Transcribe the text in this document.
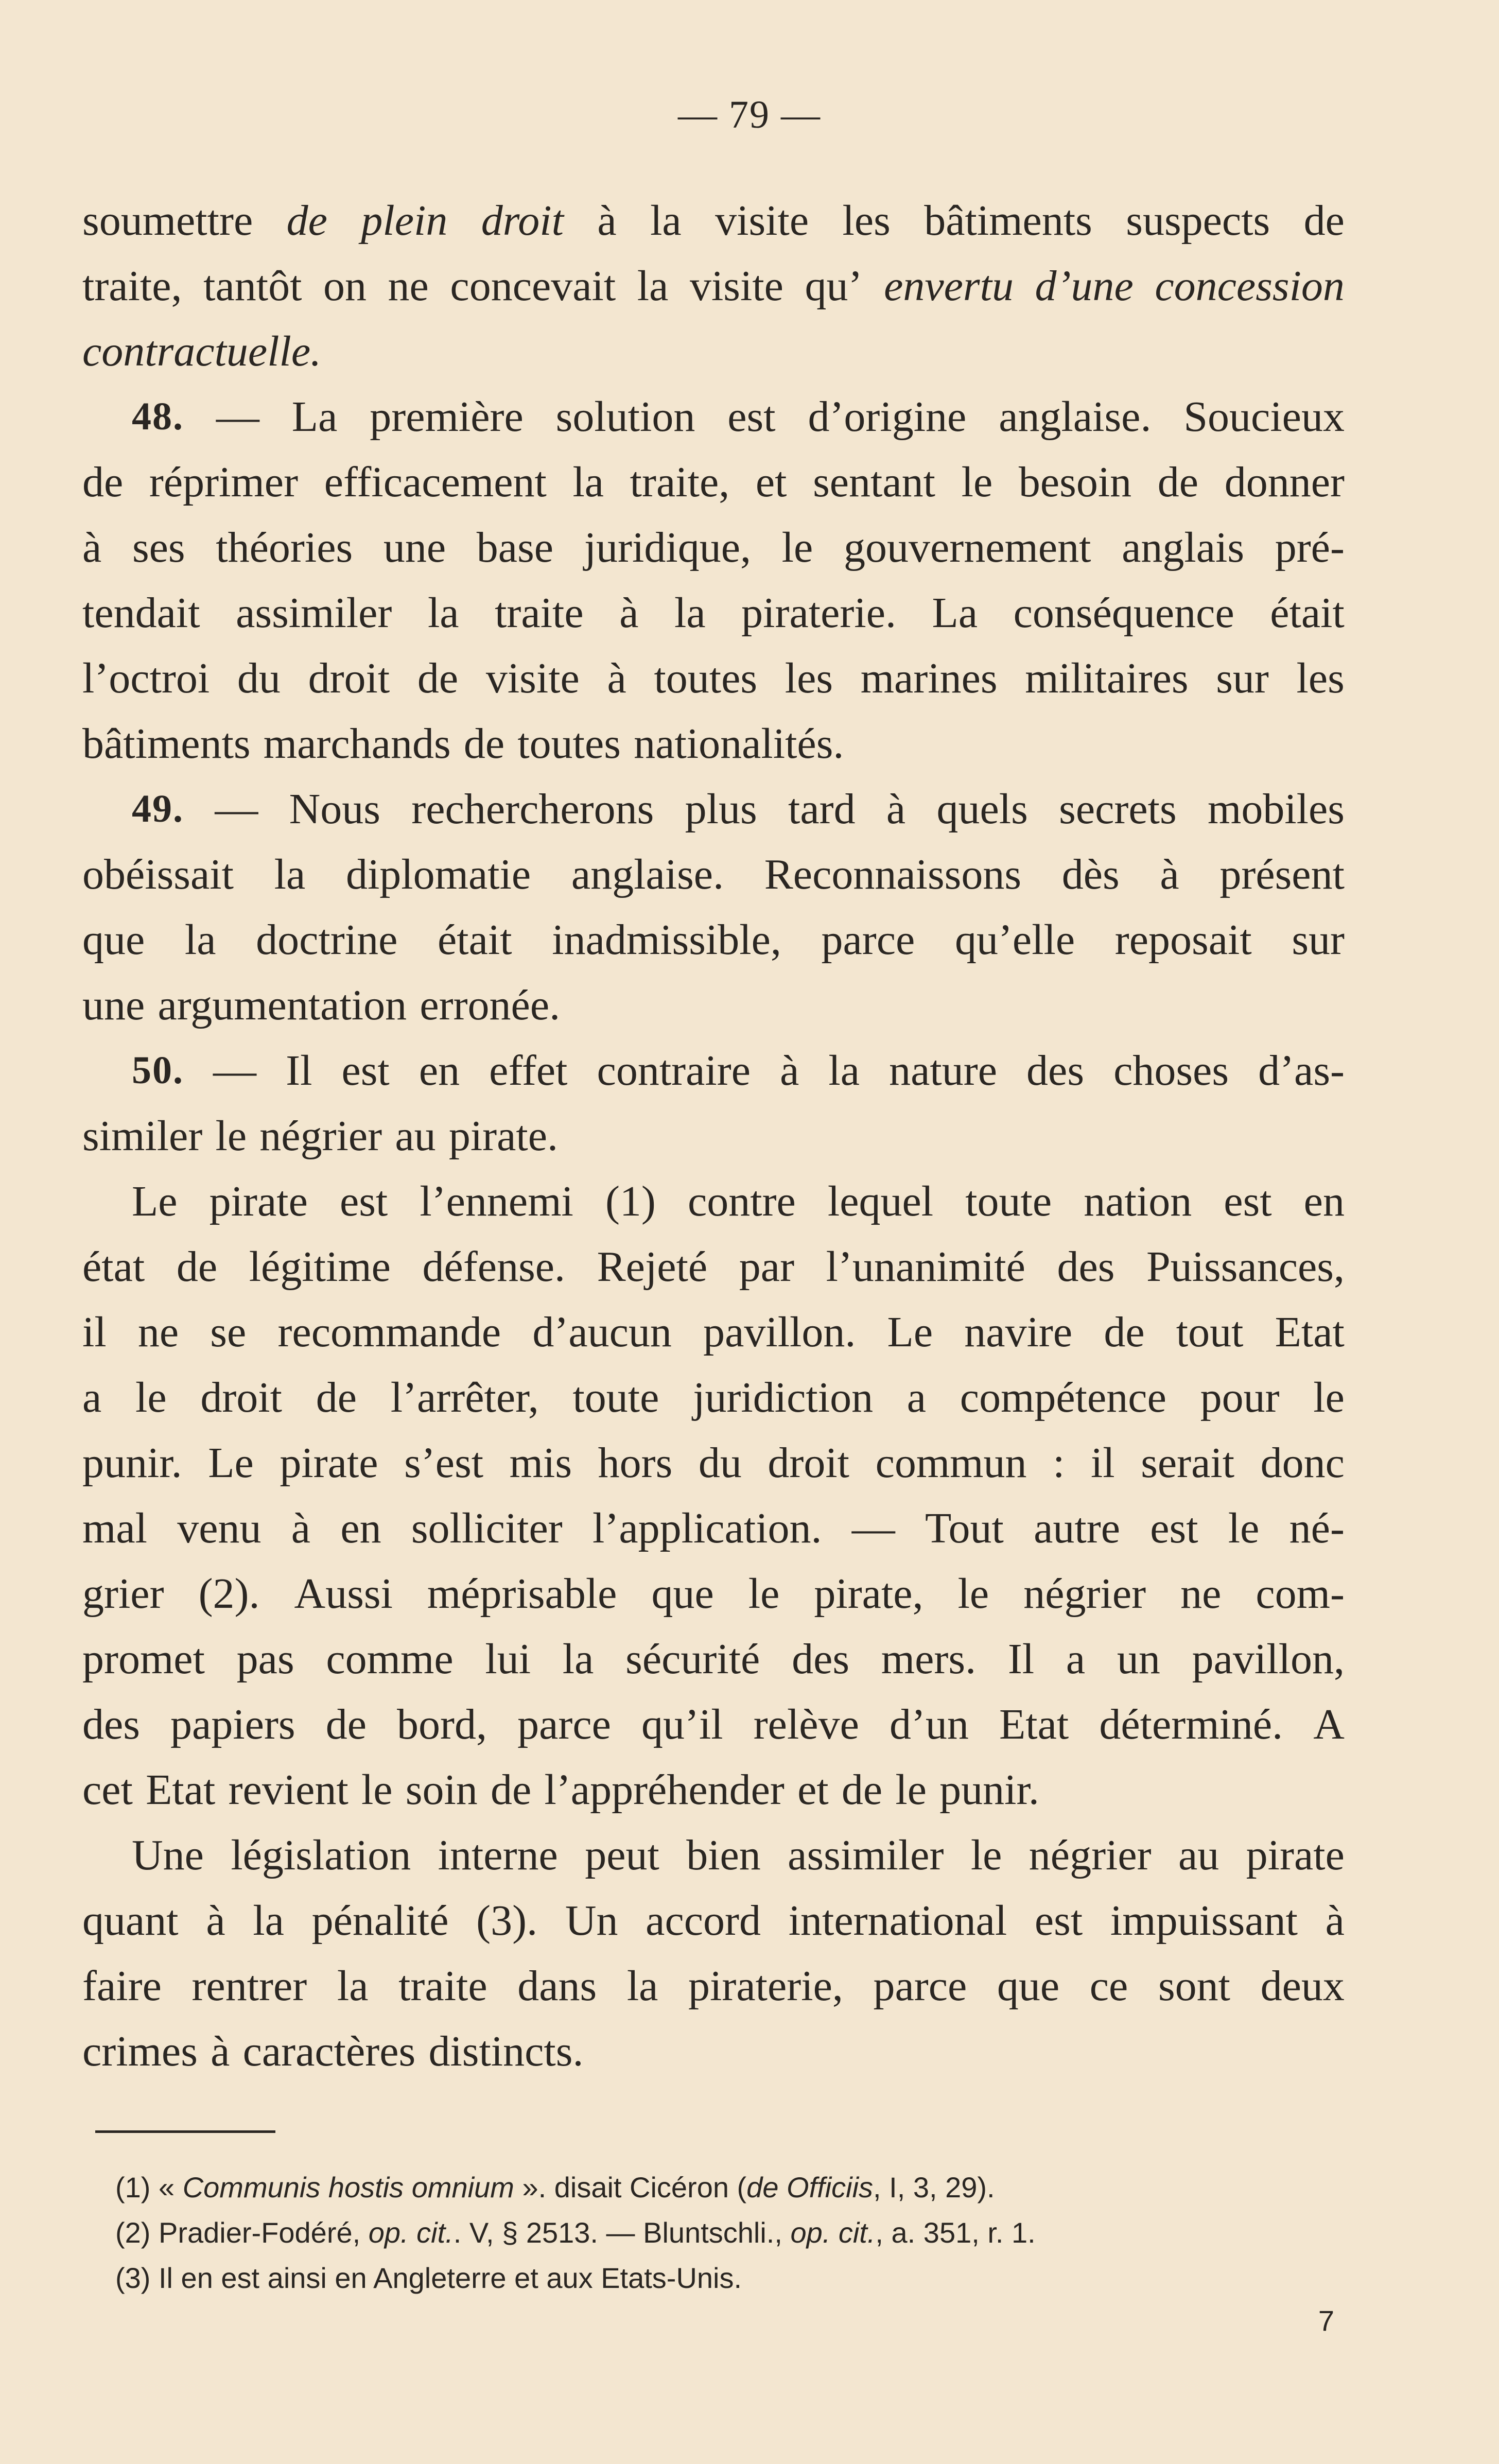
— 79 —
soumettre de plein droit à la visite les bâtiments suspects de
traite, tantôt on ne concevait la visite qu’ envertu d’une concession
contractuelle.
48. — La première solution est d’origine anglaise. Soucieux
de réprimer efficacement la traite, et sentant le besoin de donner
à ses théories une base juridique, le gouvernement anglais pré-
tendait assimiler la traite à la piraterie. La conséquence était
l’octroi du droit de visite à toutes les marines militaires sur les
bâtiments marchands de toutes nationalités.
49. — Nous rechercherons plus tard à quels secrets mobiles
obéissait la diplomatie anglaise. Reconnaissons dès à présent
que la doctrine était inadmissible, parce qu’elle reposait sur
une argumentation erronée.
50. — Il est en effet contraire à la nature des choses d’as-
similer le négrier au pirate.
Le pirate est l’ennemi (1) contre lequel toute nation est en
état de légitime défense. Rejeté par l’unanimité des Puissances,
il ne se recommande d’aucun pavillon. Le navire de tout Etat
a le droit de l’arrêter, toute juridiction a compétence pour le
punir. Le pirate s’est mis hors du droit commun : il serait donc
mal venu à en solliciter l’application. — Tout autre est le né-
grier (2). Aussi méprisable que le pirate, le négrier ne com-
promet pas comme lui la sécurité des mers. Il a un pavillon,
des papiers de bord, parce qu’il relève d’un Etat déterminé. A
cet Etat revient le soin de l’appréhender et de le punir.
Une législation interne peut bien assimiler le négrier au pirate
quant à la pénalité (3). Un accord international est impuissant à
faire rentrer la traite dans la piraterie, parce que ce sont deux
crimes à caractères distincts.
(1) « Communis hostis omnium ». disait Cicéron (de Officiis, I, 3, 29).
(2) Pradier-Fodéré, op. cit.. V, § 2513. — Bluntschli., op. cit., a. 351, r. 1.
(3) Il en est ainsi en Angleterre et aux Etats-Unis.
7
